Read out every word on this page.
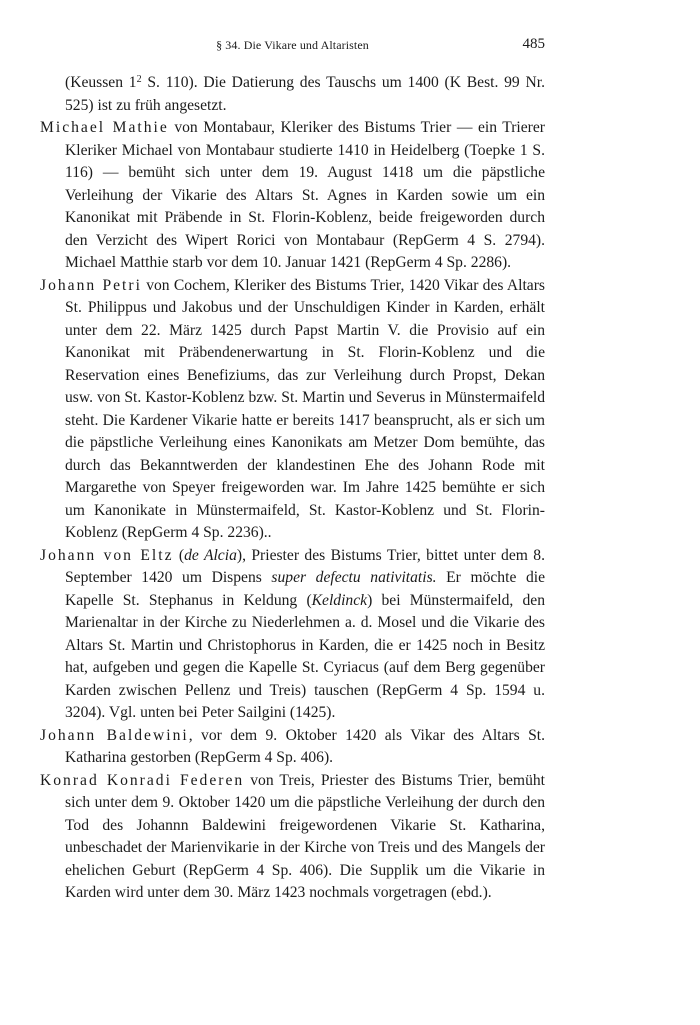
§ 34. Die Vikare und Altaristen	485

(Keussen $1^2$ S. 110). Die Datierung des Tauschs um 1400 (K Best. 99 Nr. 525) ist zu früh angesetzt.

Michael Mathie von Montabaur, Kleriker des Bistums Trier — ein Trierer Kleriker Michael von Montabaur studierte 1410 in Heidelberg (Toepke 1 S. 116) — bemüht sich unter dem 19. August 1418 um die päpstliche Verleihung der Vikarie des Altars St. Agnes in Karden sowie um ein Kanonikat mit Präbende in St. Florin-Koblenz, beide freigeworden durch den Verzicht des Wipert Rorici von Montabaur (RepGerm 4 S. 2794). Michael Matthie starb vor dem 10. Januar 1421 (RepGerm 4 Sp. 2286).

Johann Petri von Cochem, Kleriker des Bistums Trier, 1420 Vikar des Altars St. Philippus und Jakobus und der Unschuldigen Kinder in Karden, erhält unter dem 22. März 1425 durch Papst Martin V. die Provisio auf ein Kanonikat mit Präbendenerwartung in St. Florin-Koblenz und die Reservation eines Benefiziums, das zur Verleihung durch Propst, Dekan usw. von St. Kastor-Koblenz bzw. St. Martin und Severus in Münstermaifeld steht. Die Kardener Vikarie hatte er bereits 1417 beansprucht, als er sich um die päpstliche Verleihung eines Kanonikats am Metzer Dom bemühte, das durch das Bekanntwerden der klandestinen Ehe des Johann Rode mit Margarethe von Speyer freigeworden war. Im Jahre 1425 bemühte er sich um Kanonikate in Münstermaifeld, St. Kastor-Koblenz und St. Florin-Koblenz (RepGerm 4 Sp. 2236)..

Johann von Eltz (de Alcia), Priester des Bistums Trier, bittet unter dem 8. September 1420 um Dispens super defectu nativitatis. Er möchte die Kapelle St. Stephanus in Keldung (Keldinck) bei Münstermaifeld, den Marienaltar in der Kirche zu Niederlehmen a. d. Mosel und die Vikarie des Altars St. Martin und Christophorus in Karden, die er 1425 noch in Besitz hat, aufgeben und gegen die Kapelle St. Cyriacus (auf dem Berg gegenüber Karden zwischen Pellenz und Treis) tauschen (RepGerm 4 Sp. 1594 u. 3204). Vgl. unten bei Peter Sailgini (1425).

Johann Baldewini, vor dem 9. Oktober 1420 als Vikar des Altars St. Katharina gestorben (RepGerm 4 Sp. 406).

Konrad Konradi Federen von Treis, Priester des Bistums Trier, bemüht sich unter dem 9. Oktober 1420 um die päpstliche Verleihung der durch den Tod des Johannn Baldewini freigewordenen Vikarie St. Katharina, unbeschadet der Marienvikarie in der Kirche von Treis und des Mangels der ehelichen Geburt (RepGerm 4 Sp. 406). Die Supplik um die Vikarie in Karden wird unter dem 30. März 1423 nochmals vorgetragen (ebd.).
